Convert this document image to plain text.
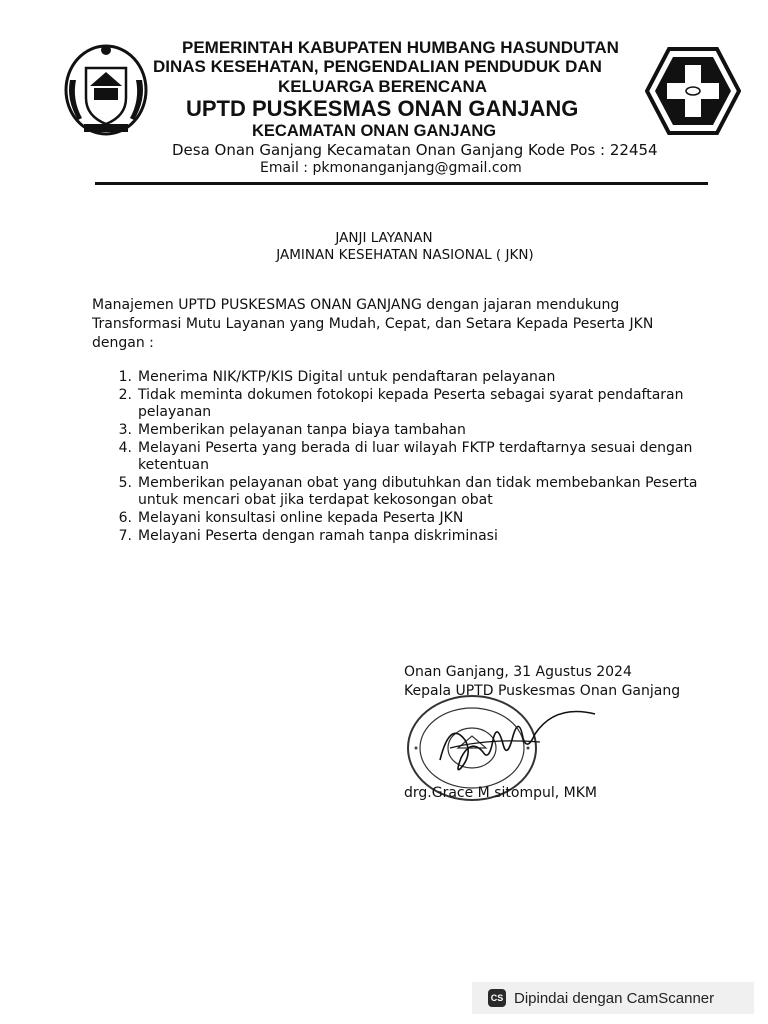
PEMERINTAH KABUPATEN HUMBANG HASUNDUTAN
DINAS KESEHATAN, PENGENDALIAN PENDUDUK DAN
KELUARGA BERENCANA
UPTD PUSKESMAS ONAN GANJANG
KECAMATAN ONAN GANJANG
Desa Onan Ganjang Kecamatan Onan Ganjang Kode Pos : 22454
Email : pkmonanganjang@gmail.com
JANJI LAYANAN
JAMINAN KESEHATAN NASIONAL ( JKN)
Manajemen UPTD PUSKESMAS ONAN GANJANG dengan jajaran mendukung
Transformasi Mutu Layanan yang Mudah, Cepat, dan Setara Kepada Peserta JKN
dengan :
1. Menerima NIK/KTP/KIS Digital untuk pendaftaran pelayanan
2. Tidak meminta dokumen fotokopi kepada Peserta sebagai syarat pendaftaran pelayanan
3. Memberikan pelayanan tanpa biaya tambahan
4. Melayani Peserta yang berada di luar wilayah FKTP terdaftarnya sesuai dengan ketentuan
5. Memberikan pelayanan obat yang dibutuhkan dan tidak membebankan Peserta untuk mencari obat jika terdapat kekosongan obat
6. Melayani konsultasi online kepada Peserta JKN
7. Melayani Peserta dengan ramah tanpa diskriminasi
Onan Ganjang, 31 Agustus 2024
Kepala UPTD Puskesmas Onan Ganjang
drg.Grace M sitompul, MKM
CS Dipindai dengan CamScanner
